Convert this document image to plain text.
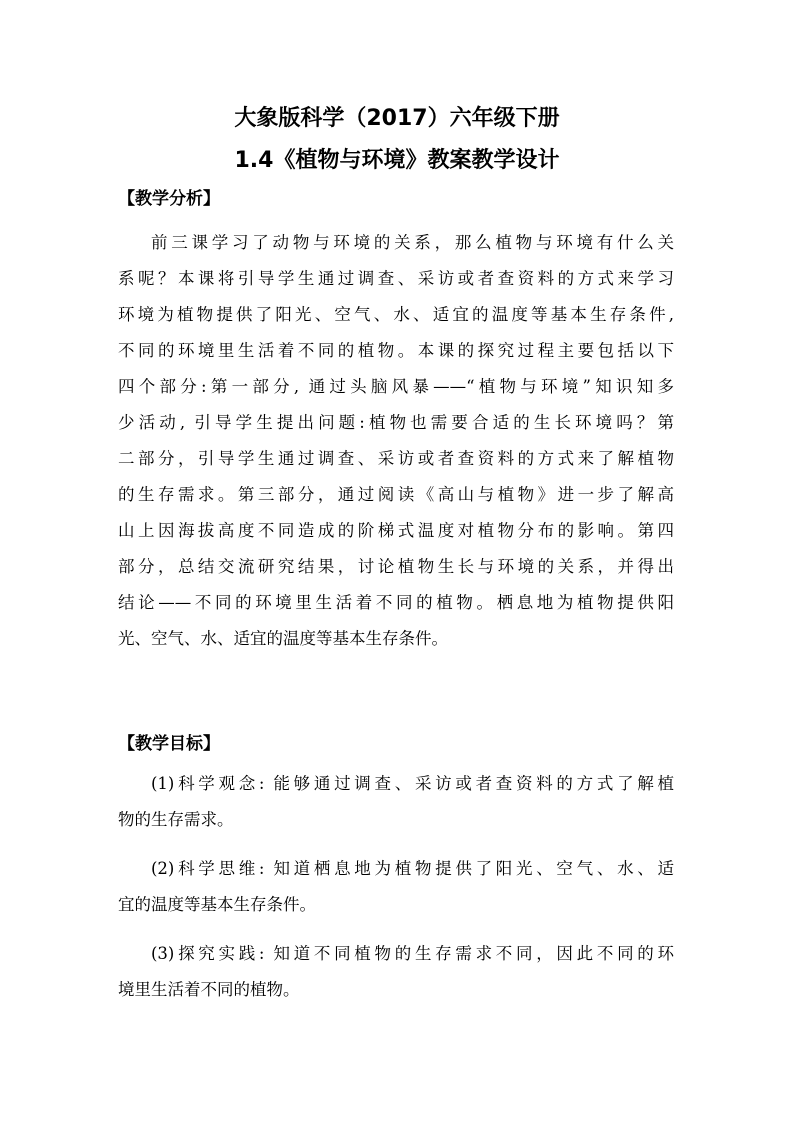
大象版科学（2017）六年级下册
1.4《植物与环境》教案教学设计
【教学分析】
前三课学习了动物与环境的关系，那么植物与环境有什么关
系呢？本课将引导学生通过调查、采访或者查资料的方式来学习
环境为植物提供了阳光、空气、水、适宜的温度等基本生存条件,
不同的环境里生活着不同的植物。本课的探究过程主要包括以下
四个部分:第一部分, 通过头脑风暴——“植物与环境”知识知多
少活动, 引导学生提出问题:植物也需要合适的生长环境吗？第
二部分，引导学生通过调查、采访或者查资料的方式来了解植物
的生存需求。第三部分，通过阅读《高山与植物》进一步了解高
山上因海拔高度不同造成的阶梯式温度对植物分布的影响。第四
部分，总结交流研究结果，讨论植物生长与环境的关系，并得出
结论——不同的环境里生活着不同的植物。栖息地为植物提供阳
光、空气、水、适宜的温度等基本生存条件。
【教学目标】
(1)科学观念: 能够通过调查、采访或者查资料的方式了解植
物的生存需求。
(2)科学思维: 知道栖息地为植物提供了阳光、空气、水、适
宜的温度等基本生存条件。
(3)探究实践: 知道不同植物的生存需求不同，因此不同的环
境里生活着不同的植物。
